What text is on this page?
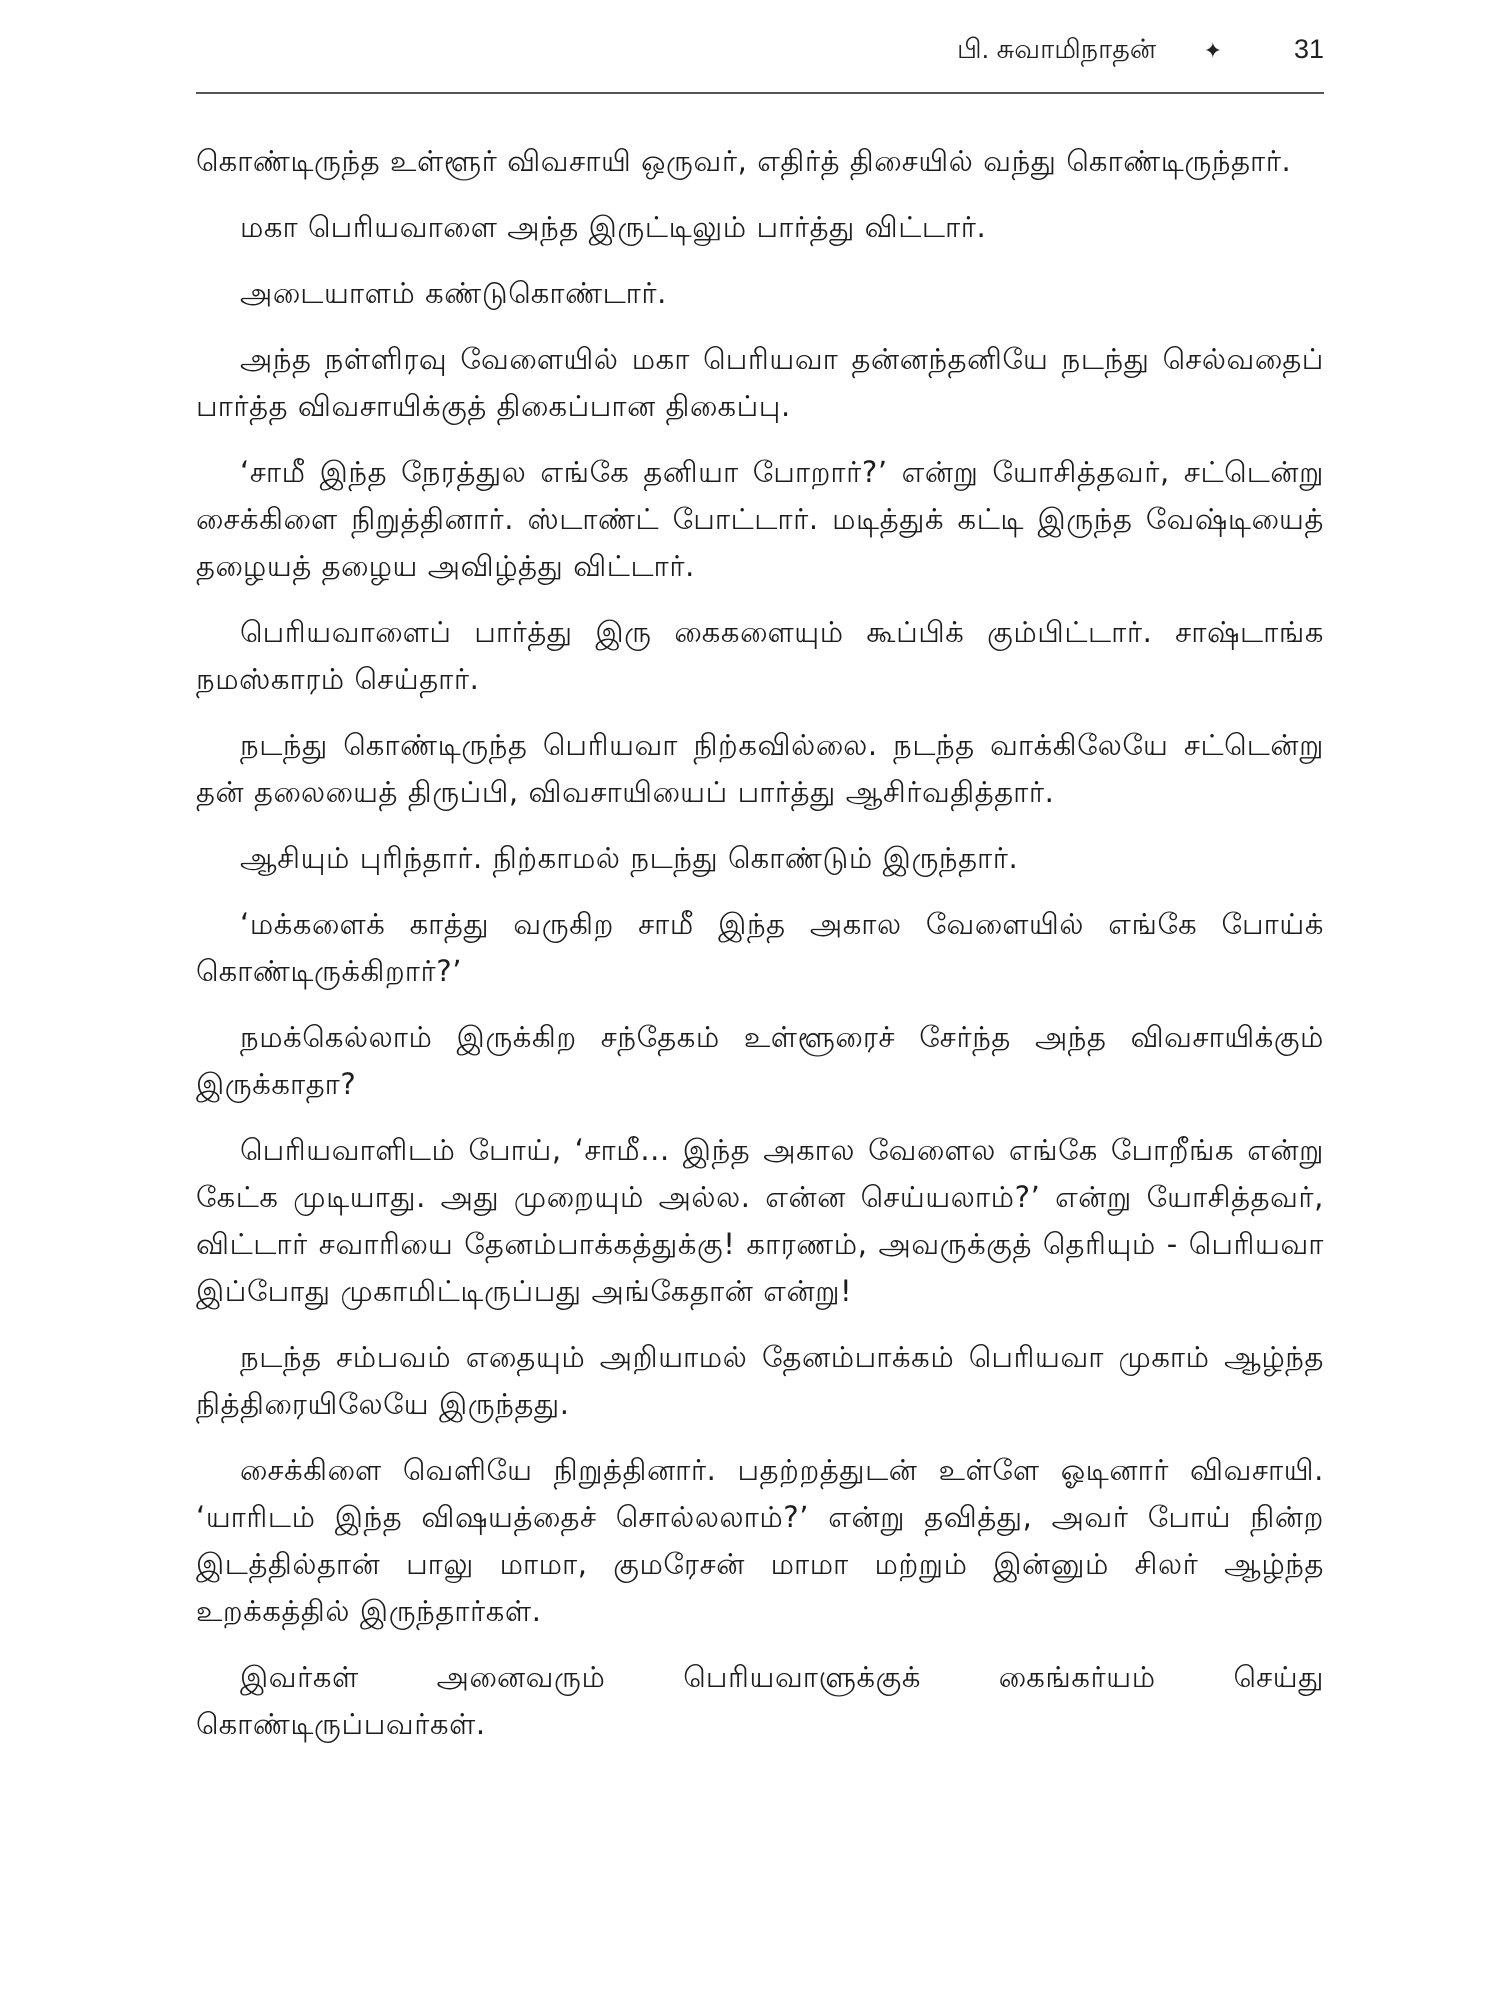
பி. சுவாமிநாதன் ✦	31

கொண்டிருந்த உள்ளூர் விவசாயி ஒருவர், எதிர்த் திசையில் வந்து கொண்டிருந்தார்.

மகா பெரியவாளை அந்த இருட்டிலும் பார்த்து விட்டார்.

அடையாளம் கண்டுகொண்டார்.

அந்த நள்ளிரவு வேளையில் மகா பெரியவா தன்னந்தனியே நடந்து செல்வதைப் பார்த்த விவசாயிக்குத் திகைப்பான திகைப்பு.

‘சாமீ இந்த நேரத்துல எங்கே தனியா போறார்?’ என்று யோசித்தவர், சட்டென்று சைக்கிளை நிறுத்தினார். ஸ்டாண்ட் போட்டார். மடித்துக் கட்டி இருந்த வேஷ்டியைத் தழையத் தழைய அவிழ்த்து விட்டார்.

பெரியவாளைப் பார்த்து இரு கைகளையும் கூப்பிக் கும்பிட்டார். சாஷ்டாங்க நமஸ்காரம் செய்தார்.

நடந்து கொண்டிருந்த பெரியவா நிற்கவில்லை. நடந்த வாக்கிலேயே சட்டென்று தன் தலையைத் திருப்பி, விவசாயியைப் பார்த்து ஆசிர்வதித்தார்.

ஆசியும் புரிந்தார். நிற்காமல் நடந்து கொண்டும் இருந்தார்.

‘மக்களைக் காத்து வருகிற சாமீ இந்த அகால வேளையில் எங்கே போய்க் கொண்டிருக்கிறார்?’

நமக்கெல்லாம் இருக்கிற சந்தேகம் உள்ளூரைச் சேர்ந்த அந்த விவசாயிக்கும் இருக்காதா?

பெரியவாளிடம் போய், ‘சாமீ... இந்த அகால வேளைல எங்கே போறீங்க என்று கேட்க முடியாது. அது முறையும் அல்ல. என்ன செய்யலாம்?’ என்று யோசித்தவர், விட்டார் சவாரியை தேனம்பாக்கத்துக்கு! காரணம், அவருக்குத் தெரியும் - பெரியவா இப்போது முகாமிட்டிருப்பது அங்கேதான் என்று!

நடந்த சம்பவம் எதையும் அறியாமல் தேனம்பாக்கம் பெரியவா முகாம் ஆழ்ந்த நித்திரையிலேயே இருந்தது.

சைக்கிளை வெளியே நிறுத்தினார். பதற்றத்துடன் உள்ளே ஓடினார் விவசாயி. ‘யாரிடம் இந்த விஷயத்தைச் சொல்லலாம்?’ என்று தவித்து, அவர் போய் நின்ற இடத்தில்தான் பாலு மாமா, குமரேசன் மாமா மற்றும் இன்னும் சிலர் ஆழ்ந்த உறக்கத்தில் இருந்தார்கள்.

இவர்கள் அனைவரும் பெரியவாளுக்குக் கைங்கர்யம் செய்து கொண்டிருப்பவர்கள்.
